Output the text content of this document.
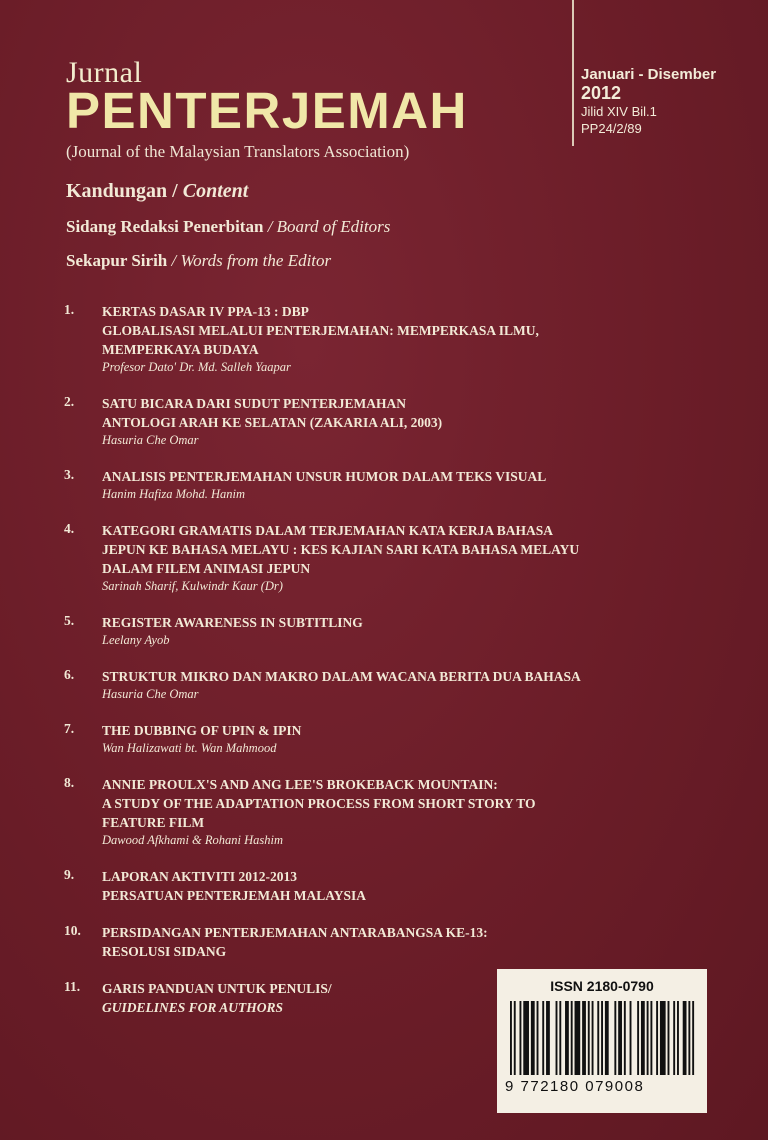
Jurnal
PENTERJEMAH
(Journal of the Malaysian Translators Association)
Januari - Disember
2012
Jilid XIV Bil.1
PP24/2/89
Kandungan / Content
Sidang Redaksi Penerbitan / Board of Editors
Sekapur Sirih / Words from the Editor
1.	KERTAS DASAR IV PPA-13 : DBP
GLOBALISASI MELALUI PENTERJEMAHAN: MEMPERKASA ILMU,
MEMPERKAYA BUDAYA
Profesor Dato' Dr. Md. Salleh Yaapar
2.	SATU BICARA DARI SUDUT PENTERJEMAHAN
ANTOLOGI ARAH KE SELATAN (ZAKARIA ALI, 2003)
Hasuria Che Omar
3.	ANALISIS PENTERJEMAHAN UNSUR HUMOR DALAM TEKS VISUAL
Hanim Hafiza Mohd. Hanim
4.	KATEGORI GRAMATIS DALAM TERJEMAHAN KATA KERJA BAHASA
JEPUN KE BAHASA MELAYU : KES KAJIAN SARI KATA BAHASA MELAYU
DALAM FILEM ANIMASI JEPUN
Sarinah Sharif, Kulwindr Kaur (Dr)
5.	REGISTER AWARENESS IN SUBTITLING
Leelany Ayob
6.	STRUKTUR MIKRO DAN MAKRO DALAM WACANA BERITA DUA BAHASA
Hasuria Che Omar
7.	THE DUBBING OF UPIN & IPIN
Wan Halizawati bt. Wan Mahmood
8.	ANNIE PROULX'S AND ANG LEE'S BROKEBACK MOUNTAIN:
A STUDY OF THE ADAPTATION PROCESS FROM SHORT STORY TO
FEATURE FILM
Dawood Afkhami & Rohani Hashim
9.	LAPORAN AKTIVITI 2012-2013
PERSATUAN PENTERJEMAH MALAYSIA
10.	PERSIDANGAN PENTERJEMAHAN ANTARABANGSA KE-13:
RESOLUSI SIDANG
11.	GARIS PANDUAN UNTUK PENULIS/
GUIDELINES FOR AUTHORS
ISSN 2180-0790
9 772180 079008
